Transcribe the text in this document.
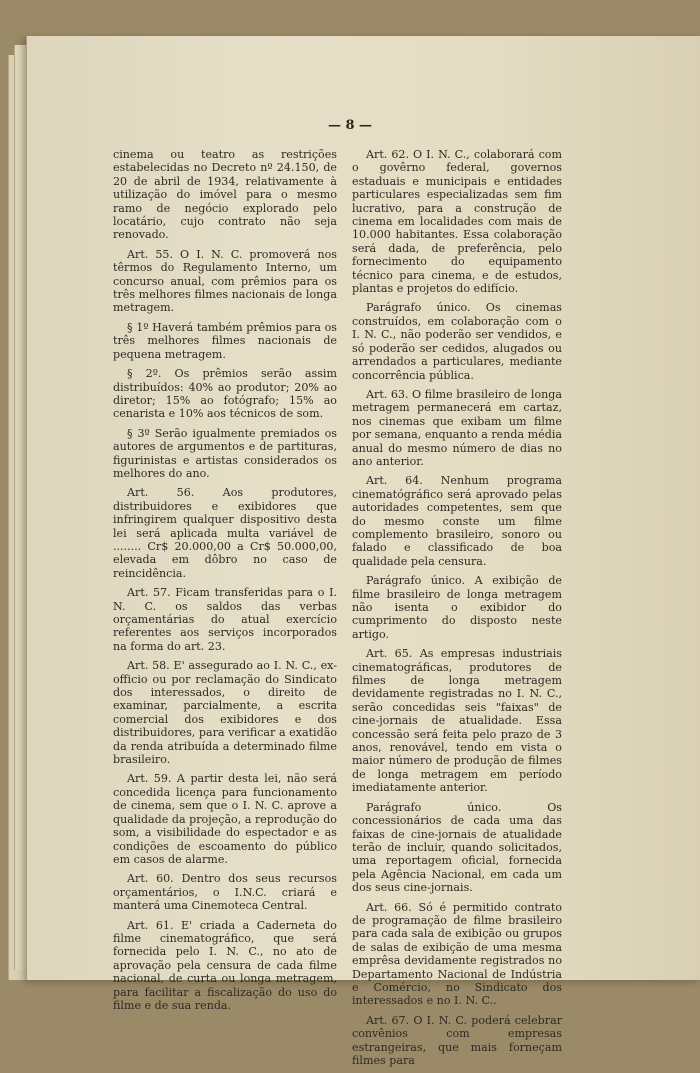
— 8 —

cinema ou teatro as restrições estabelecidas no Decreto nº 24.150, de 20 de abril de 1934, relativamente à utilização do imóvel para o mesmo ramo de negócio explorado pelo locatário, cujo contrato não seja renovado.

Art. 55. O I. N. C. promoverá nos têrmos do Regulamento Interno, um concurso anual, com prêmios para os três melhores filmes nacionais de longa metragem.

§ 1º Haverá também prêmios para os três melhores filmes nacionais de pequena metragem.

§ 2º. Os prêmios serão assim distribuídos: 40% ao produtor; 20% ao diretor; 15% ao fotógrafo; 15% ao cenarista e 10% aos técnicos de som.

§ 3º Serão igualmente premiados os autores de argumentos e de partituras, figurinistas e artistas considerados os melhores do ano.

Art. 56. Aos produtores, distribuidores e exibidores que infringirem qualquer dispositivo desta lei será aplicada multa variável de ........ Cr$ 20.000,00 a Cr$ 50.000,00, elevada em dôbro no caso de reincidência.

Art. 57. Ficam transferidas para o I. N. C. os saldos das verbas orçamentárias do atual exercício referentes aos serviços incorporados na forma do art. 23.

Art. 58. E' assegurado ao I. N. C., ex-officio ou por reclamação do Sindicato dos interessados, o direito de examinar, parcialmente, a escrita comercial dos exibidores e dos distribuidores, para verificar a exatidão da renda atribuída a determinado filme brasileiro.

Art. 59. A partir desta lei, não será concedida licença para funcionamento de cinema, sem que o I. N. C. aprove a qualidade da projeção, a reprodução do som, a visibilidade do espectador e as condições de escoamento do público em casos de alarme.

Art. 60. Dentro dos seus recursos orçamentários, o I.N.C. criará e manterá uma Cinemoteca Central.

Art. 61. E' criada a Caderneta do filme cinematográfico, que será fornecida pelo I. N. C., no ato de aprovação pela censura de cada filme nacional, de curta ou longa metragem, para facilitar a fiscalização do uso do filme e de sua renda.

Art. 62. O I. N. C., colaborará com o govêrno federal, governos estaduais e municipais e entidades particulares especializadas sem fim lucrativo, para a construção de cinema em localidades com mais de 10.000 habitantes. Essa colaboração será dada, de preferência, pelo fornecimento do equipamento técnico para cinema, e de estudos, plantas e projetos do edifício.

Parágrafo único. Os cinemas construídos, em colaboração com o I. N. C., não poderão ser vendidos, e só poderão ser cedidos, alugados ou arrendados a particulares, mediante concorrência pública.

Art. 63. O filme brasileiro de longa metragem permanecerá em cartaz, nos cinemas que exibam um filme por semana, enquanto a renda média anual do mesmo número de dias no ano anterior.

Art. 64. Nenhum programa cinematógráfico será aprovado pelas autoridades competentes, sem que do mesmo conste um filme complemento brasileiro, sonoro ou falado e classificado de boa qualidade pela censura.

Parágrafo único. A exibição de filme brasileiro de longa metragem não isenta o exibidor do cumprimento do disposto neste artigo.

Art. 65. As empresas industriais cinematográficas, produtores de filmes de longa metragem devidamente registradas no I. N. C., serão concedidas seis "faixas" de cine-jornais de atualidade. Essa concessão será feita pelo prazo de 3 anos, renovável, tendo em vista o maior número de produção de filmes de longa metragem em período imediatamente anterior.

Parágrafo único. Os concessionários de cada uma das faixas de cine-jornais de atualidade terão de incluir, quando solicitados, uma reportagem oficial, fornecida pela Agência Nacional, em cada um dos seus cine-jornais.

Art. 66. Só é permitido contrato de programação de filme brasileiro para cada sala de exibição ou grupos de salas de exibição de uma mesma emprêsa devidamente registrados no Departamento Nacional de Indústria e Comércio, no Sindicato dos interessados e no I. N. C..

Art. 67. O I. N. C. poderá celebrar convênios com empresas estrangeiras, que mais forneçam filmes para
